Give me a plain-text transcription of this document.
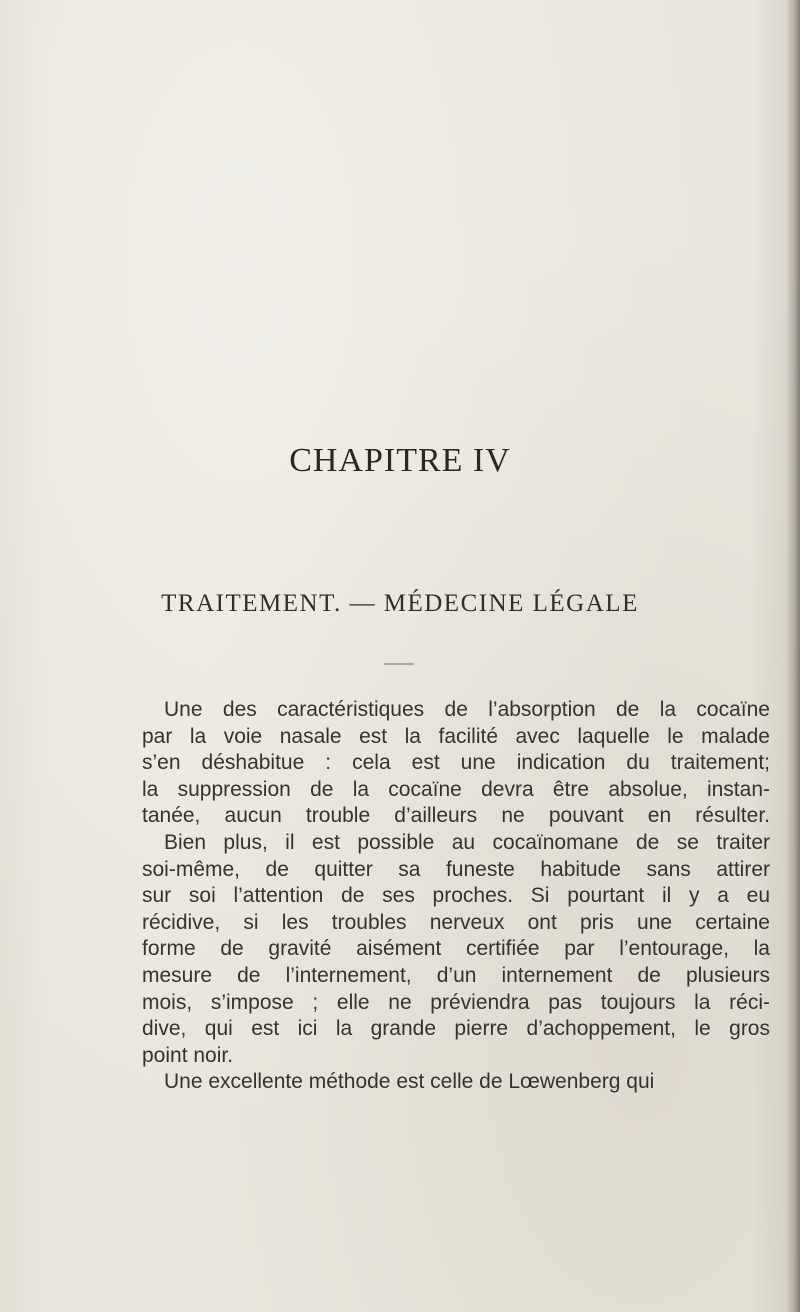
CHAPITRE IV
TRAITEMENT. — MÉDECINE LÉGALE
Une des caractéristiques de l’absorption de la cocaïne
par la voie nasale est la facilité avec laquelle le malade
s’en déshabitue : cela est une indication du traitement;
la suppression de la cocaïne devra être absolue, instan-
tanée, aucun trouble d’ailleurs ne pouvant en résulter.
Bien plus, il est possible au cocaïnomane de se traiter
soi-même, de quitter sa funeste habitude sans attirer
sur soi l’attention de ses proches. Si pourtant il y a eu
récidive, si les troubles nerveux ont pris une certaine
forme de gravité aisément certifiée par l’entourage, la
mesure de l’internement, d’un internement de plusieurs
mois, s’impose ; elle ne préviendra pas toujours la réci-
dive, qui est ici la grande pierre d’achoppement, le gros
point noir.
Une excellente méthode est celle de Lœwenberg qui
